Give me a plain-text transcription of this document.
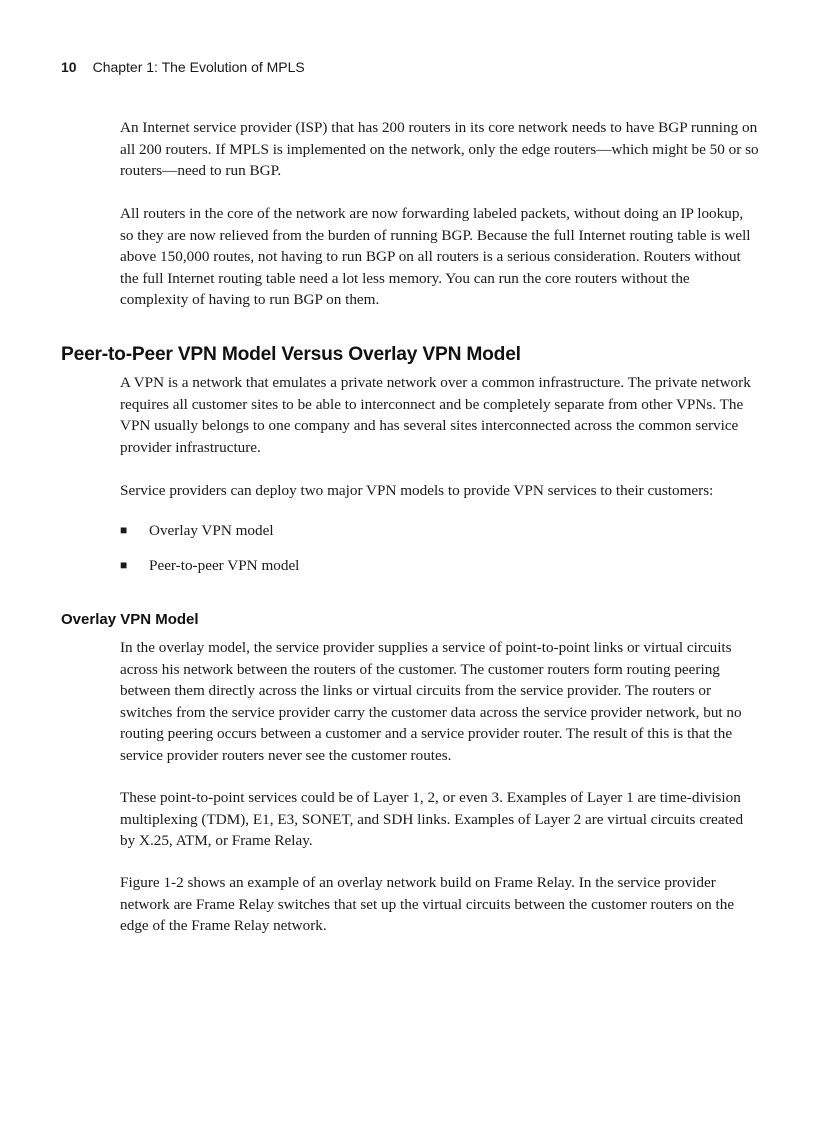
10 Chapter 1: The Evolution of MPLS

An Internet service provider (ISP) that has 200 routers in its core network needs to have BGP running on all 200 routers. If MPLS is implemented on the network, only the edge routers—which might be 50 or so routers—need to run BGP.

All routers in the core of the network are now forwarding labeled packets, without doing an IP lookup, so they are now relieved from the burden of running BGP. Because the full Internet routing table is well above 150,000 routes, not having to run BGP on all routers is a serious consideration. Routers without the full Internet routing table need a lot less memory. You can run the core routers without the complexity of having to run BGP on them.

Peer-to-Peer VPN Model Versus Overlay VPN Model

A VPN is a network that emulates a private network over a common infrastructure. The private network requires all customer sites to be able to interconnect and be completely separate from other VPNs. The VPN usually belongs to one company and has several sites interconnected across the common service provider infrastructure.

Service providers can deploy two major VPN models to provide VPN services to their customers:

■ Overlay VPN model
■ Peer-to-peer VPN model
Overlay VPN Model

In the overlay model, the service provider supplies a service of point-to-point links or virtual circuits across his network between the routers of the customer. The customer routers form routing peering between them directly across the links or virtual circuits from the service provider. The routers or switches from the service provider carry the customer data across the service provider network, but no routing peering occurs between a customer and a service provider router. The result of this is that the service provider routers never see the customer routes.

These point-to-point services could be of Layer 1, 2, or even 3. Examples of Layer 1 are time-division multiplexing (TDM), E1, E3, SONET, and SDH links. Examples of Layer 2 are virtual circuits created by X.25, ATM, or Frame Relay.

Figure 1-2 shows an example of an overlay network build on Frame Relay. In the service provider network are Frame Relay switches that set up the virtual circuits between the customer routers on the edge of the Frame Relay network.
